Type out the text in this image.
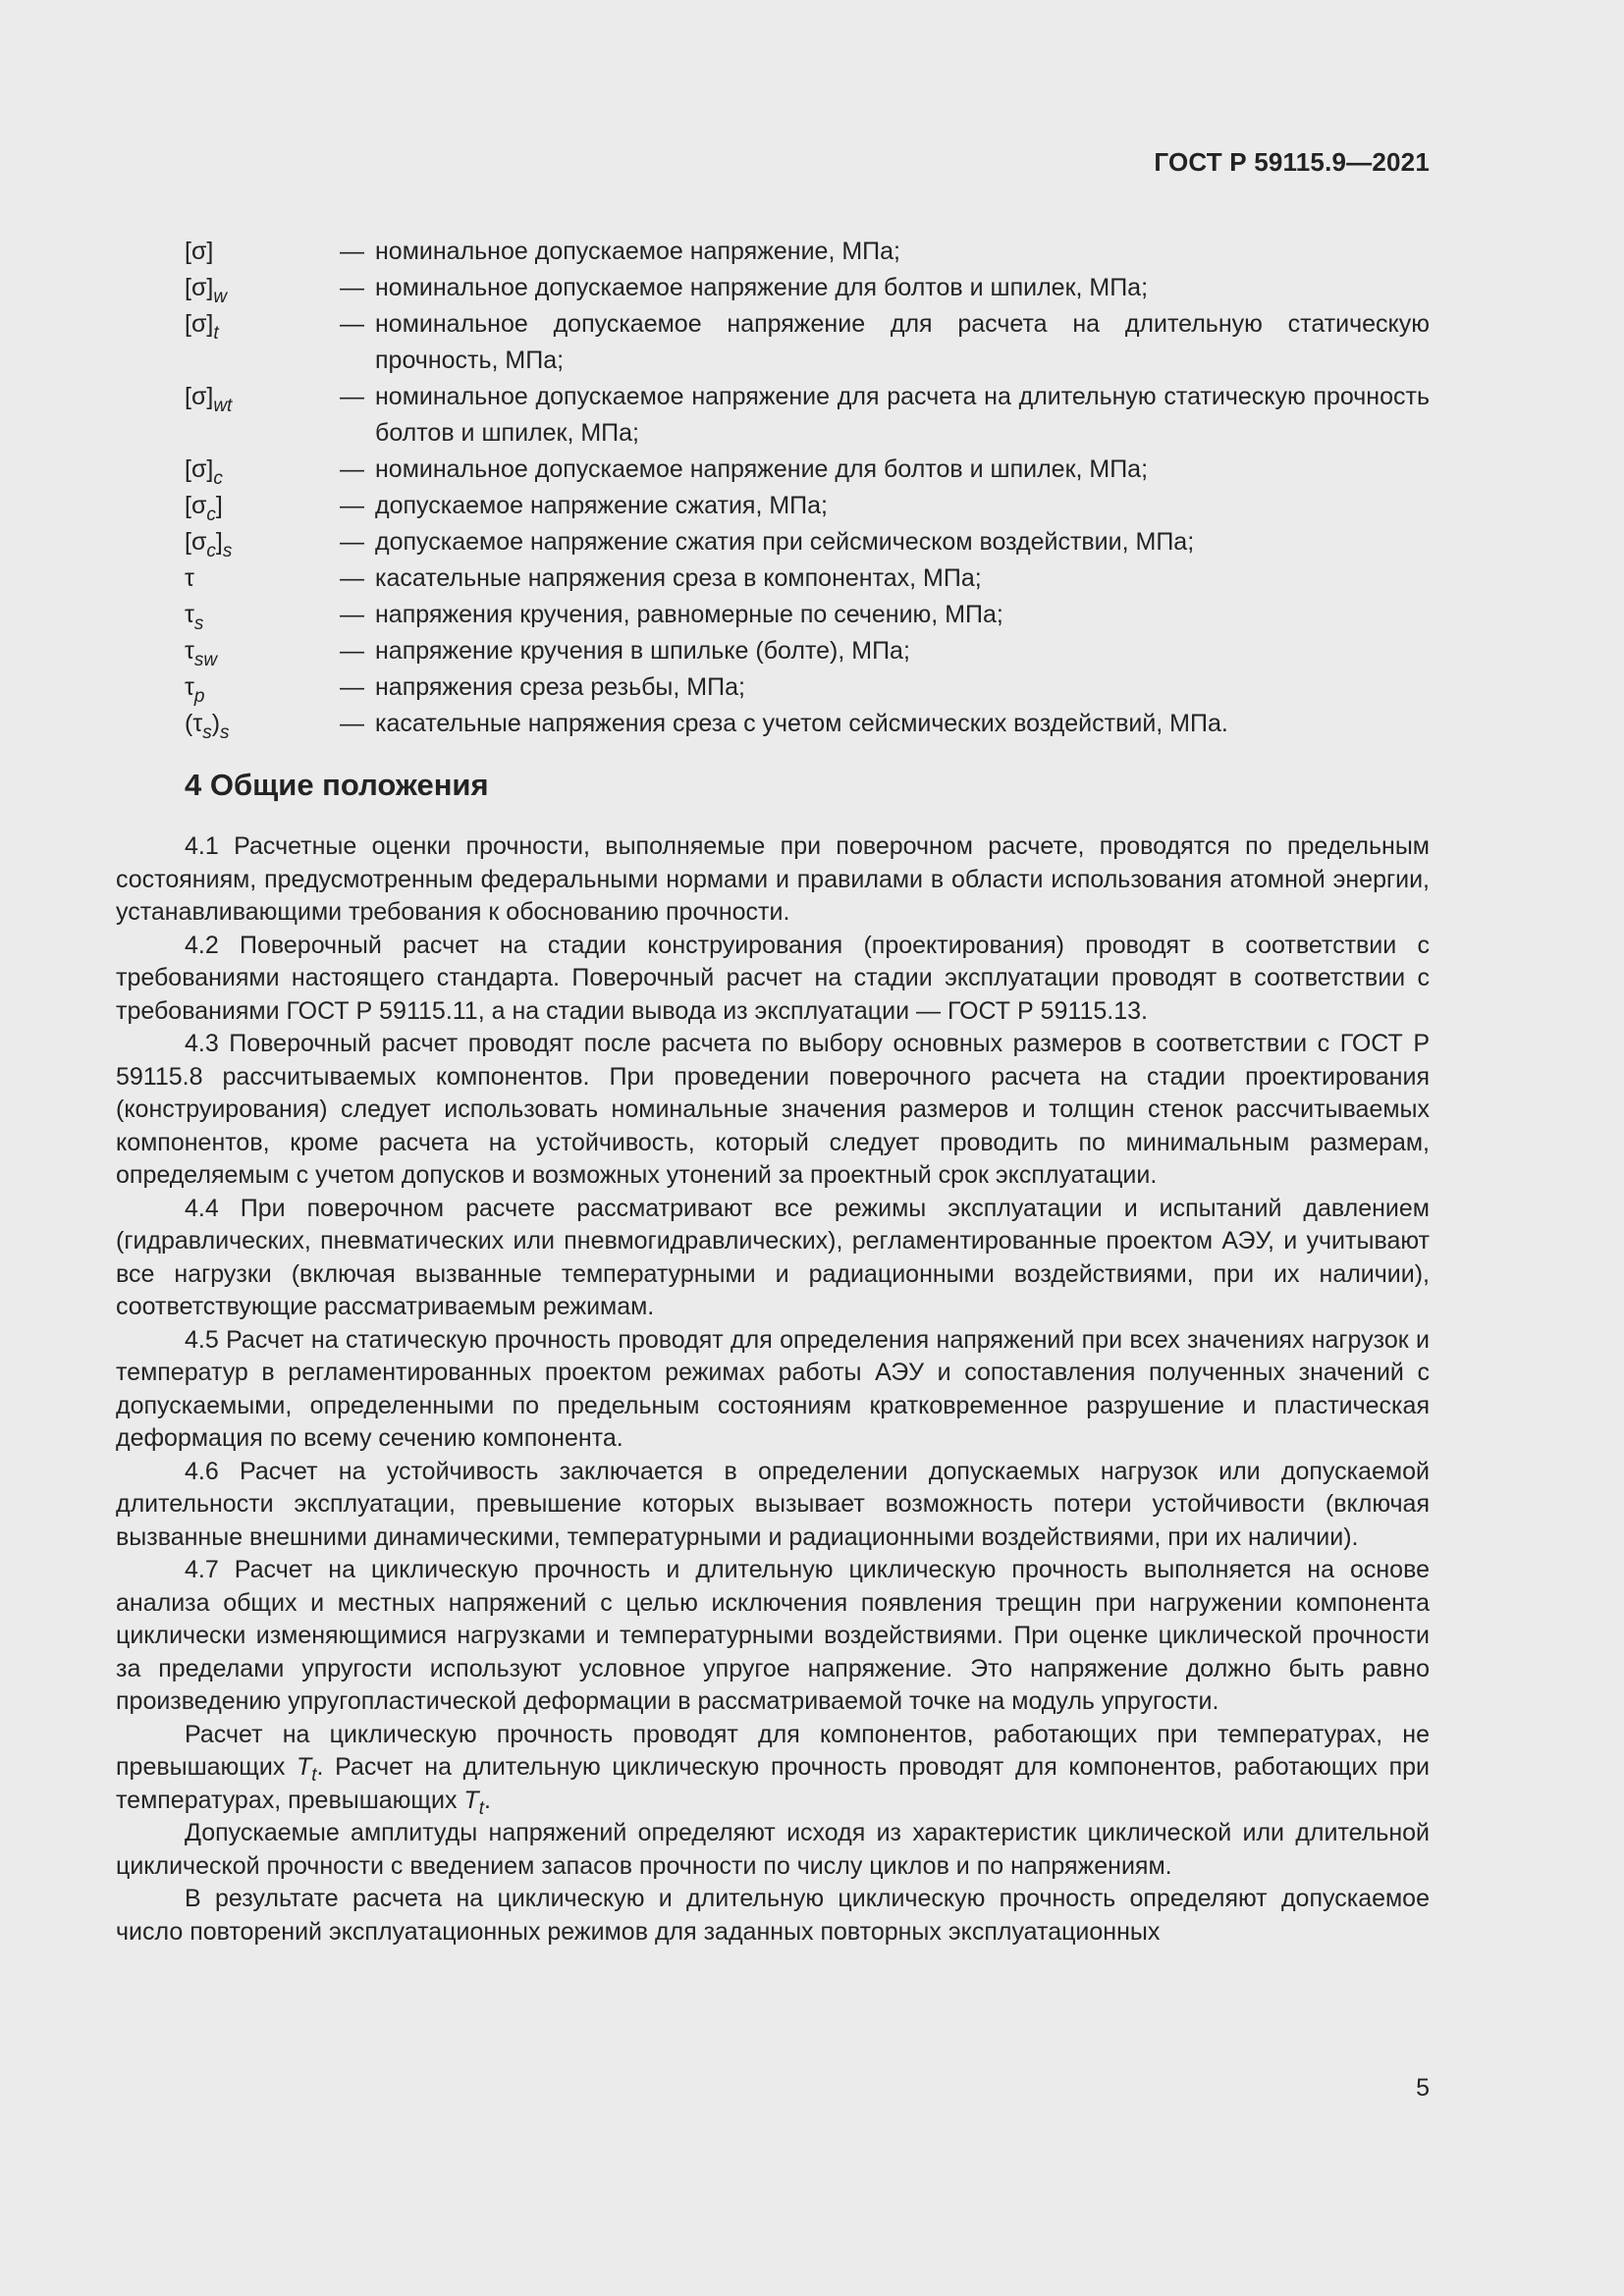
ГОСТ Р 59115.9—2021
[σ]	— номинальное допускаемое напряжение, МПа;
$[\sigma]_w$	— номинальное допускаемое напряжение для болтов и шпилек, МПа;
$[\sigma]_t$	— номинальное допускаемое напряжение для расчета на длительную статическую прочность, МПа;
$[\sigma]_{wt}$	— номинальное допускаемое напряжение для расчета на длительную статическую прочность болтов и шпилек, МПа;
$[\sigma]_c$	— номинальное допускаемое напряжение для болтов и шпилек, МПа;
$[\sigma_c]$	— допускаемое напряжение сжатия, МПа;
$[\sigma_c]_s$	— допускаемое напряжение сжатия при сейсмическом воздействии, МПа;
τ	— касательные напряжения среза в компонентах, МПа;
$\tau_s$	— напряжения кручения, равномерные по сечению, МПа;
$\tau_{sw}$	— напряжение кручения в шпильке (болте), МПа;
$\tau_p$	— напряжения среза резьбы, МПа;
$(\tau_s)_s$	— касательные напряжения среза с учетом сейсмических воздействий, МПа.
4 Общие положения

4.1 Расчетные оценки прочности, выполняемые при поверочном расчете, проводятся по предельным состояниям, предусмотренным федеральными нормами и правилами в области использования атомной энергии, устанавливающими требования к обоснованию прочности.

4.2 Поверочный расчет на стадии конструирования (проектирования) проводят в соответствии с требованиями настоящего стандарта. Поверочный расчет на стадии эксплуатации проводят в соответствии с требованиями ГОСТ Р 59115.11, а на стадии вывода из эксплуатации — ГОСТ Р 59115.13.

4.3 Поверочный расчет проводят после расчета по выбору основных размеров в соответствии с ГОСТ Р 59115.8 рассчитываемых компонентов. При проведении поверочного расчета на стадии проектирования (конструирования) следует использовать номинальные значения размеров и толщин стенок рассчитываемых компонентов, кроме расчета на устойчивость, который следует проводить по минимальным размерам, определяемым с учетом допусков и возможных утонений за проектный срок эксплуатации.

4.4 При поверочном расчете рассматривают все режимы эксплуатации и испытаний давлением (гидравлических, пневматических или пневмогидравлических), регламентированные проектом АЭУ, и учитывают все нагрузки (включая вызванные температурными и радиационными воздействиями, при их наличии), соответствующие рассматриваемым режимам.

4.5 Расчет на статическую прочность проводят для определения напряжений при всех значениях нагрузок и температур в регламентированных проектом режимах работы АЭУ и сопоставления полученных значений с допускаемыми, определенными по предельным состояниям кратковременное разрушение и пластическая деформация по всему сечению компонента.

4.6 Расчет на устойчивость заключается в определении допускаемых нагрузок или допускаемой длительности эксплуатации, превышение которых вызывает возможность потери устойчивости (включая вызванные внешними динамическими, температурными и радиационными воздействиями, при их наличии).

4.7 Расчет на циклическую прочность и длительную циклическую прочность выполняется на основе анализа общих и местных напряжений с целью исключения появления трещин при нагружении компонента циклически изменяющимися нагрузками и температурными воздействиями. При оценке циклической прочности за пределами упругости используют условное упругое напряжение. Это напряжение должно быть равно произведению упругопластической деформации в рассматриваемой точке на модуль упругости.

Расчет на циклическую прочность проводят для компонентов, работающих при температурах, не превышающих $T_t$. Расчет на длительную циклическую прочность проводят для компонентов, работающих при температурах, превышающих $T_t$.

Допускаемые амплитуды напряжений определяют исходя из характеристик циклической или длительной циклической прочности с введением запасов прочности по числу циклов и по напряжениям.

В результате расчета на циклическую и длительную циклическую прочность определяют допускаемое число повторений эксплуатационных режимов для заданных повторных эксплуатационных

5
